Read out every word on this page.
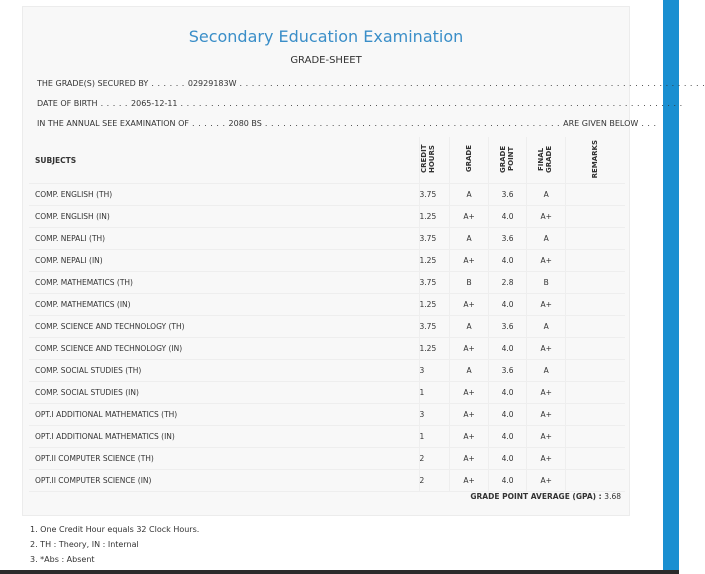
Secondary Education Examination
GRADE-SHEET
THE GRADE(S) SECURED BY . . . . . . 02929183W . . . . . . . . . . . . . . . . . . . . . . . . . . . . . . . . . . . . . . . . . . . . . . . . . . . . . . . . . . . . . . . . . . . . . . . . . . . . .
DATE OF BIRTH . . . . . 2065-12-11 . . . . . . . . . . . . . . . . . . . . . . . . . . . . . . . . . . . . . . . . . . . . . . . . . . . . . . . . . . . . . . . . . . . . . . . . . . . . . . . . . . .
IN THE ANNUAL SEE EXAMINATION OF . . . . . . 2080 BS . . . . . . . . . . . . . . . . . . . . . . . . . . . . . . . . . . . . . . . . . . . . . . . . . ARE GIVEN BELOW . . .
SUBJECTS	CREDIT HOURS	GRADE	GRADE POINT	FINAL GRADE	REMARKS
COMP. ENGLISH (TH)	3.75	A	3.6	A	
COMP. ENGLISH (IN)	1.25	A+	4.0	A+	
COMP. NEPALI (TH)	3.75	A	3.6	A	
COMP. NEPALI (IN)	1.25	A+	4.0	A+	
COMP. MATHEMATICS (TH)	3.75	B	2.8	B	
COMP. MATHEMATICS (IN)	1.25	A+	4.0	A+	
COMP. SCIENCE AND TECHNOLOGY (TH)	3.75	A	3.6	A	
COMP. SCIENCE AND TECHNOLOGY (IN)	1.25	A+	4.0	A+	
COMP. SOCIAL STUDIES (TH)	3	A	3.6	A	
COMP. SOCIAL STUDIES (IN)	1	A+	4.0	A+	
OPT.I ADDITIONAL MATHEMATICS (TH)	3	A+	4.0	A+	
OPT.I ADDITIONAL MATHEMATICS (IN)	1	A+	4.0	A+	
OPT.II COMPUTER SCIENCE (TH)	2	A+	4.0	A+	
OPT.II COMPUTER SCIENCE (IN)	2	A+	4.0	A+	
GRADE POINT AVERAGE (GPA) : 3.68
1. One Credit Hour equals 32 Clock Hours.
2. TH : Theory, IN : Internal
3. *Abs : Absent
